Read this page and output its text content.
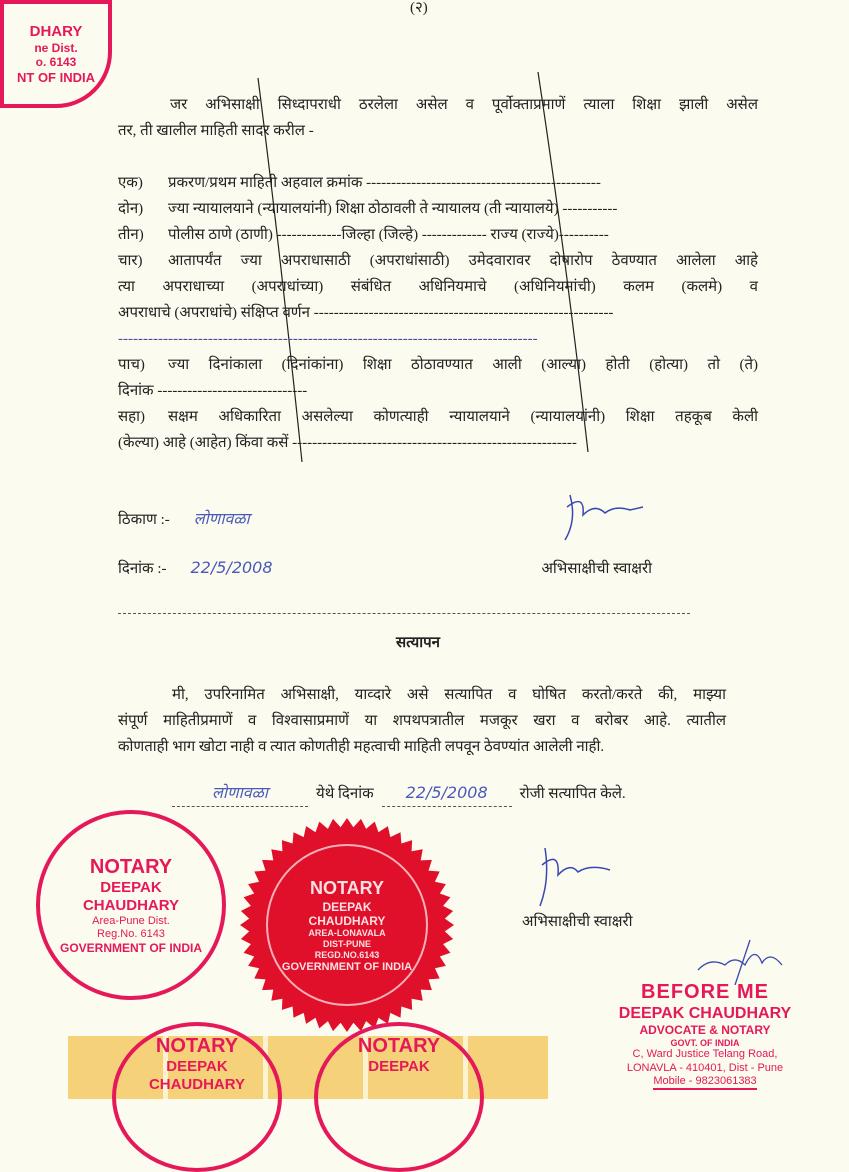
(२)
जर अभिसाक्षी सिध्दापराधी ठरलेला असेल व पूर्वोक्ताप्रमाणें त्याला शिक्षा झाली असेल
तर, ती खालील माहिती सादर करील -
एक)	प्रकरण/प्रथम माहिती अहवाल क्रमांक -----------------------------------------------
दोन)	ज्या न्यायालयाने (न्यायालयांनी) शिक्षा ठोठावली ते न्यायालय (ती न्यायालये) -----------
तीन)	पोलीस ठाणे (ठाणी) -------------जिल्हा (जिल्हे) ------------- राज्य (राज्ये)----------
चार)	आतापर्यंत ज्या अपराधासाठी (अपराधांसाठी) उमेदवारावर दोषारोप ठेवण्यात आलेला आहे
त्या अपराधाच्या (अपराधांच्या) संबंधित अधिनियमाचे (अधिनियमांची) कलम (कलमे) व
अपराधाचे (अपराधांचे) संक्षिप्त वर्णन ------------------------------------------------------------
------------------------------------------------------------------------------------
पाच)	ज्या दिनांकाला (दिनांकांना) शिक्षा ठोठावण्यात आली (आल्या) होती (होत्या) तो (ते)
दिनांक ------------------------------
सहा)	सक्षम अधिकारिता असलेल्या कोणत्याही न्यायालयाने (न्यायालयांनी) शिक्षा तहकूब केली
(केल्या) आहे (आहेत) किंवा कसें ---------------------------------------------------------
ठिकाण :- लोणावळा
दिनांक :- 22/5/2008	अभिसाक्षीची स्वाक्षरी
सत्यापन
मी, उपरिनामित अभिसाक्षी, याव्दारे असे सत्यापित व घोषित करतो/करते की, माझ्या
संपूर्ण माहितीप्रमाणें व विश्वासाप्रमाणें या शपथपत्रातील मजकूर खरा व बरोबर आहे. त्यातील
कोणताही भाग खोटा नाही व त्यात कोणतीही महत्वाची माहिती लपवून ठेवण्यांत आलेली नाही.
लोणावळा	येथे दिनांक	22/5/2008	रोजी सत्यापित केले.
अभिसाक्षीची स्वाक्षरी
DHARY
ne Dist.
o. 6143
NT OF INDIA
NOTARY
DEEPAK
CHAUDHARY
Area-Pune Dist.
Reg.No. 6143
GOVERNMENT OF INDIA
NOTARY
DEEPAK
CHAUDHARY
AREA-LONAVALA
DIST-PUNE
REGD.NO.6143
GOVERNMENT OF INDIA
BEFORE ME
DEEPAK CHAUDHARY
ADVOCATE & NOTARY
GOVT. OF INDIA
C, Ward Justice Telang Road,
LONAVLA - 410401, Dist - Pune
Mobile - 9823061383
NOTARY
DEEPAK
CHAUDHARY
NOTARY
DEEPAK
